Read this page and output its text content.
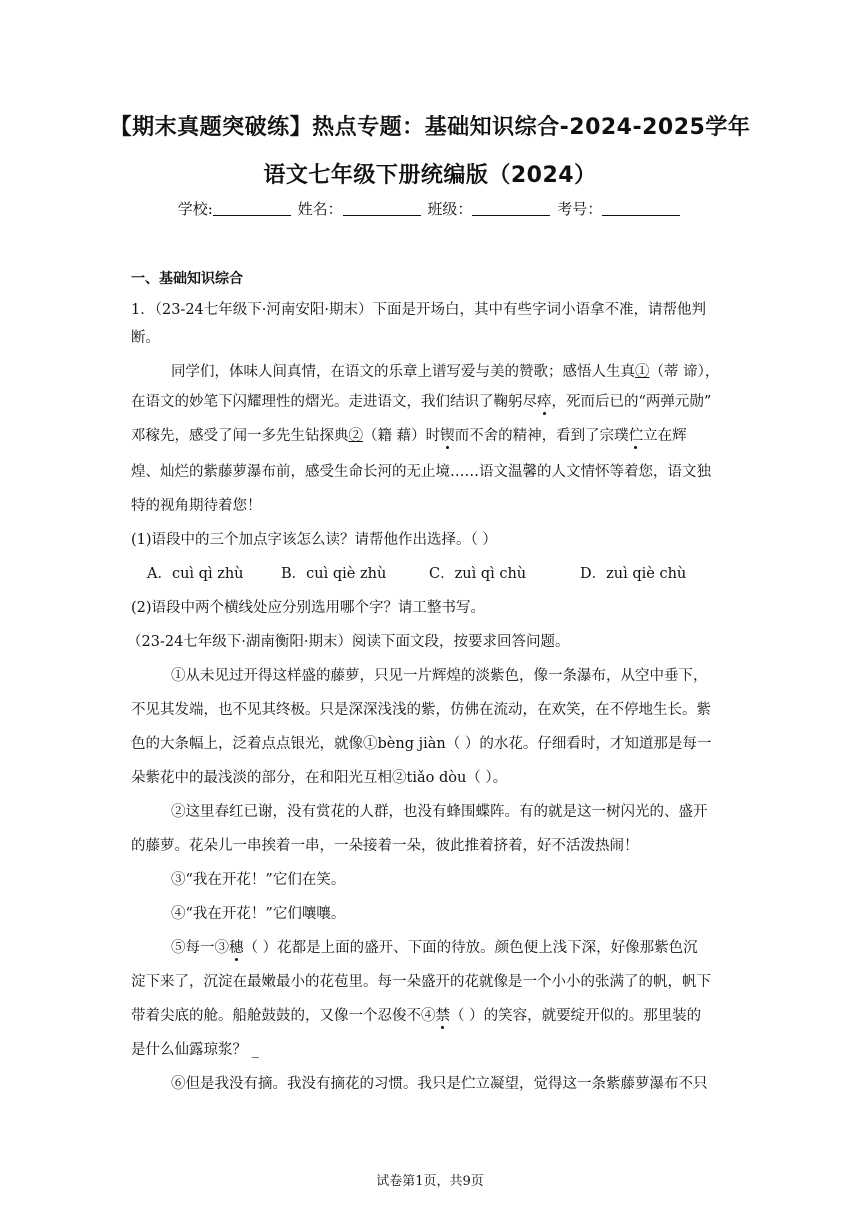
【期末真题突破练】热点专题：基础知识综合-2024-2025学年
语文七年级下册统编版（2024）
学校:	姓名：	班级：	考号：
一、基础知识综合
1．（23-24七年级下·河南安阳·期末）下面是开场白，其中有些字词小语拿不准，请帮他判
断。
同学们，体味人间真情，在语文的乐章上谱写爱与美的赞歌；感悟人生真①（蒂 谛），
在语文的妙笔下闪耀理性的熠光。走进语文，我们结识了鞠躬尽瘁，死而后已的“两弹元勋”
邓稼先，感受了闻一多先生钻探典②（籍 藉）时锲而不舍的精神，看到了宗璞伫立在辉
煌、灿烂的紫藤萝瀑布前，感受生命长河的无止境……语文温馨的人文情怀等着您，语文独
特的视角期待着您！
(1)语段中的三个加点字该怎么读？请帮他作出选择。（ ）
A．cuì qì zhù	B．cuì qiè zhù	C．zuì qì chù	D．zuì qiè chù
(2)语段中两个横线处应分别选用哪个字？请工整书写。
（23-24七年级下·湖南衡阳·期末）阅读下面文段，按要求回答问题。
①从未见过开得这样盛的藤萝，只见一片辉煌的淡紫色，像一条瀑布，从空中垂下，
不见其发端，也不见其终极。只是深深浅浅的紫，仿佛在流动，在欢笑，在不停地生长。紫
色的大条幅上，泛着点点银光，就像①bèng jiàn（ ）的水花。仔细看时，才知道那是每一
朵紫花中的最浅淡的部分，在和阳光互相②tiǎo dòu（ ）。
②这里春红已谢，没有赏花的人群，也没有蜂围蝶阵。有的就是这一树闪光的、盛开
的藤萝。花朵儿一串挨着一串，一朵接着一朵，彼此推着挤着，好不活泼热闹！
③“我在开花！”它们在笑。
④“我在开花！”它们嚷嚷。
⑤每一③穗（ ）花都是上面的盛开、下面的待放。颜色便上浅下深，好像那紫色沉
淀下来了，沉淀在最嫩最小的花苞里。每一朵盛开的花就像是一个小小的张满了的帆，帆下
带着尖底的舱。船舱鼓鼓的，又像一个忍俊不④禁（ ）的笑容，就要绽开似的。那里装的
是什么仙露琼浆？ _
⑥但是我没有摘。我没有摘花的习惯。我只是伫立凝望，觉得这一条紫藤萝瀑布不只
试卷第1页，共9页
